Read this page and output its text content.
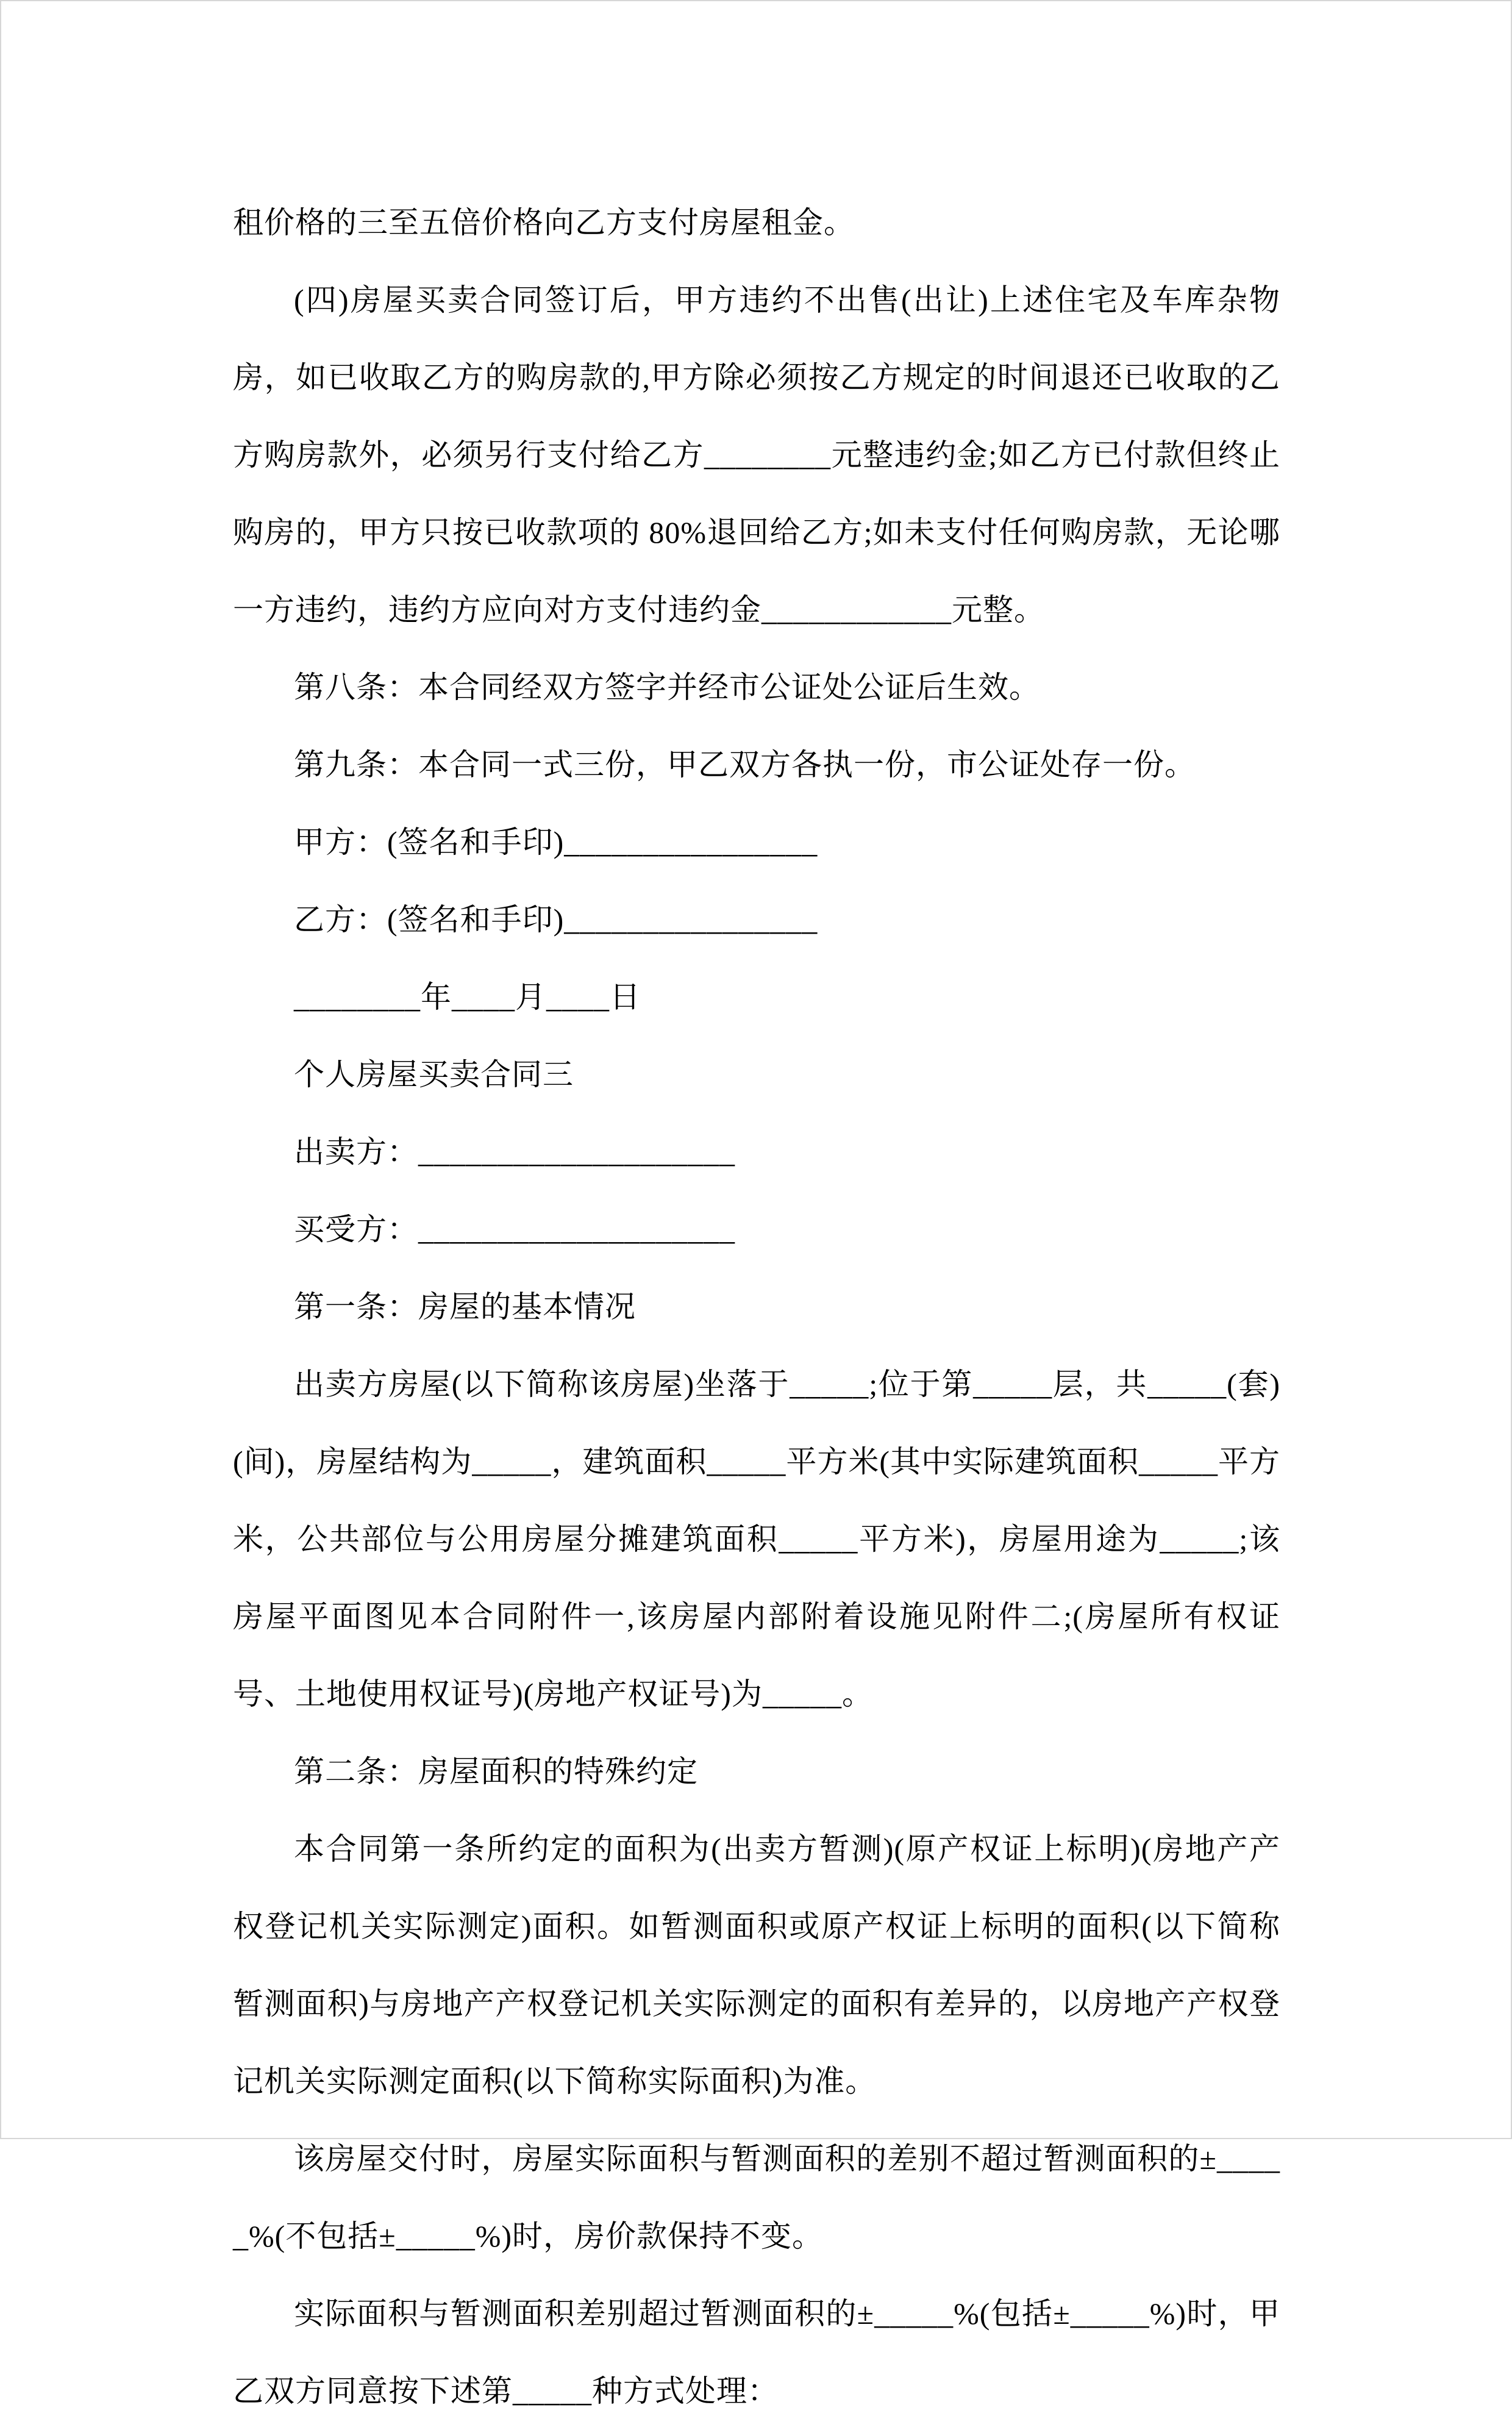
租价格的三至五倍价格向乙方支付房屋租金。

(四)房屋买卖合同签订后，甲方违约不出售(出让)上述住宅及车库杂物房，如已收取乙方的购房款的,甲方除必须按乙方规定的时间退还已收取的乙方购房款外，必须另行支付给乙方________元整违约金;如乙方已付款但终止购房的，甲方只按已收款项的 80%退回给乙方;如未支付任何购房款，无论哪一方违约，违约方应向对方支付违约金____________元整。

第八条：本合同经双方签字并经市公证处公证后生效。

第九条：本合同一式三份，甲乙双方各执一份，市公证处存一份。

甲方：(签名和手印)________________

乙方：(签名和手印)________________

________年____月____日

个人房屋买卖合同三

出卖方：____________________

买受方：____________________

第一条：房屋的基本情况

出卖方房屋(以下简称该房屋)坐落于_____;位于第_____层，共_____(套)(间)，房屋结构为_____，建筑面积_____平方米(其中实际建筑面积_____平方米，公共部位与公用房屋分摊建筑面积_____平方米)，房屋用途为_____;该房屋平面图见本合同附件一,该房屋内部附着设施见附件二;(房屋所有权证号、土地使用权证号)(房地产权证号)为_____。

第二条：房屋面积的特殊约定

本合同第一条所约定的面积为(出卖方暂测)(原产权证上标明)(房地产产权登记机关实际测定)面积。如暂测面积或原产权证上标明的面积(以下简称暂测面积)与房地产产权登记机关实际测定的面积有差异的，以房地产产权登记机关实际测定面积(以下简称实际面积)为准。

该房屋交付时，房屋实际面积与暂测面积的差别不超过暂测面积的±_____%(不包括±_____%)时，房价款保持不变。

实际面积与暂测面积差别超过暂测面积的±_____%(包括±_____%)时，甲乙双方同意按下述第_____种方式处理：
